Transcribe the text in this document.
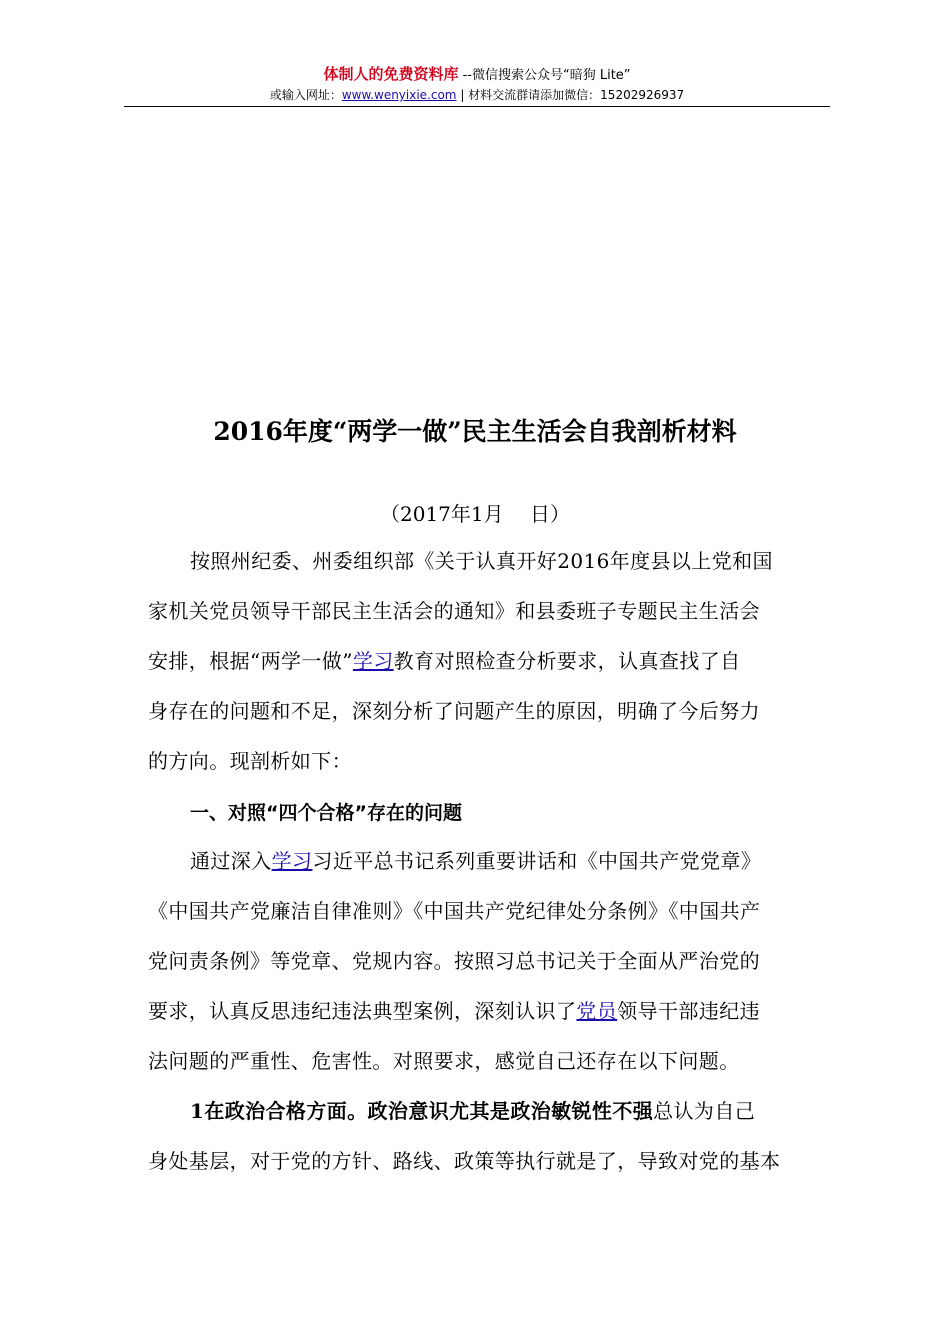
体制人的免费资料库 --微信搜索公众号“暗狗 Lite”
或输入网址：www.wenyixie.com | 材料交流群请添加微信：15202926937
2016年度“两学一做”民主生活会自我剖析材料
（2017年1月　 日）
按照州纪委、州委组织部《关于认真开好2016年度县以上党和国
家机关党员领导干部民主生活会的通知》和县委班子专题民主生活会
安排，根据“两学一做”学习教育对照检查分析要求，认真查找了自
身存在的问题和不足，深刻分析了问题产生的原因，明确了今后努力
的方向。现剖析如下：
一、对照“四个合格”存在的问题
通过深入学习习近平总书记系列重要讲话和《中国共产党党章》
《中国共产党廉洁自律准则》《中国共产党纪律处分条例》《中国共产
党问责条例》等党章、党规内容。按照习总书记关于全面从严治党的
要求，认真反思违纪违法典型案例，深刻认识了党员领导干部违纪违
法问题的严重性、危害性。对照要求，感觉自己还存在以下问题。
1在政治合格方面。政治意识尤其是政治敏锐性不强总认为自己
身处基层，对于党的方针、路线、政策等执行就是了，导致对党的基本
